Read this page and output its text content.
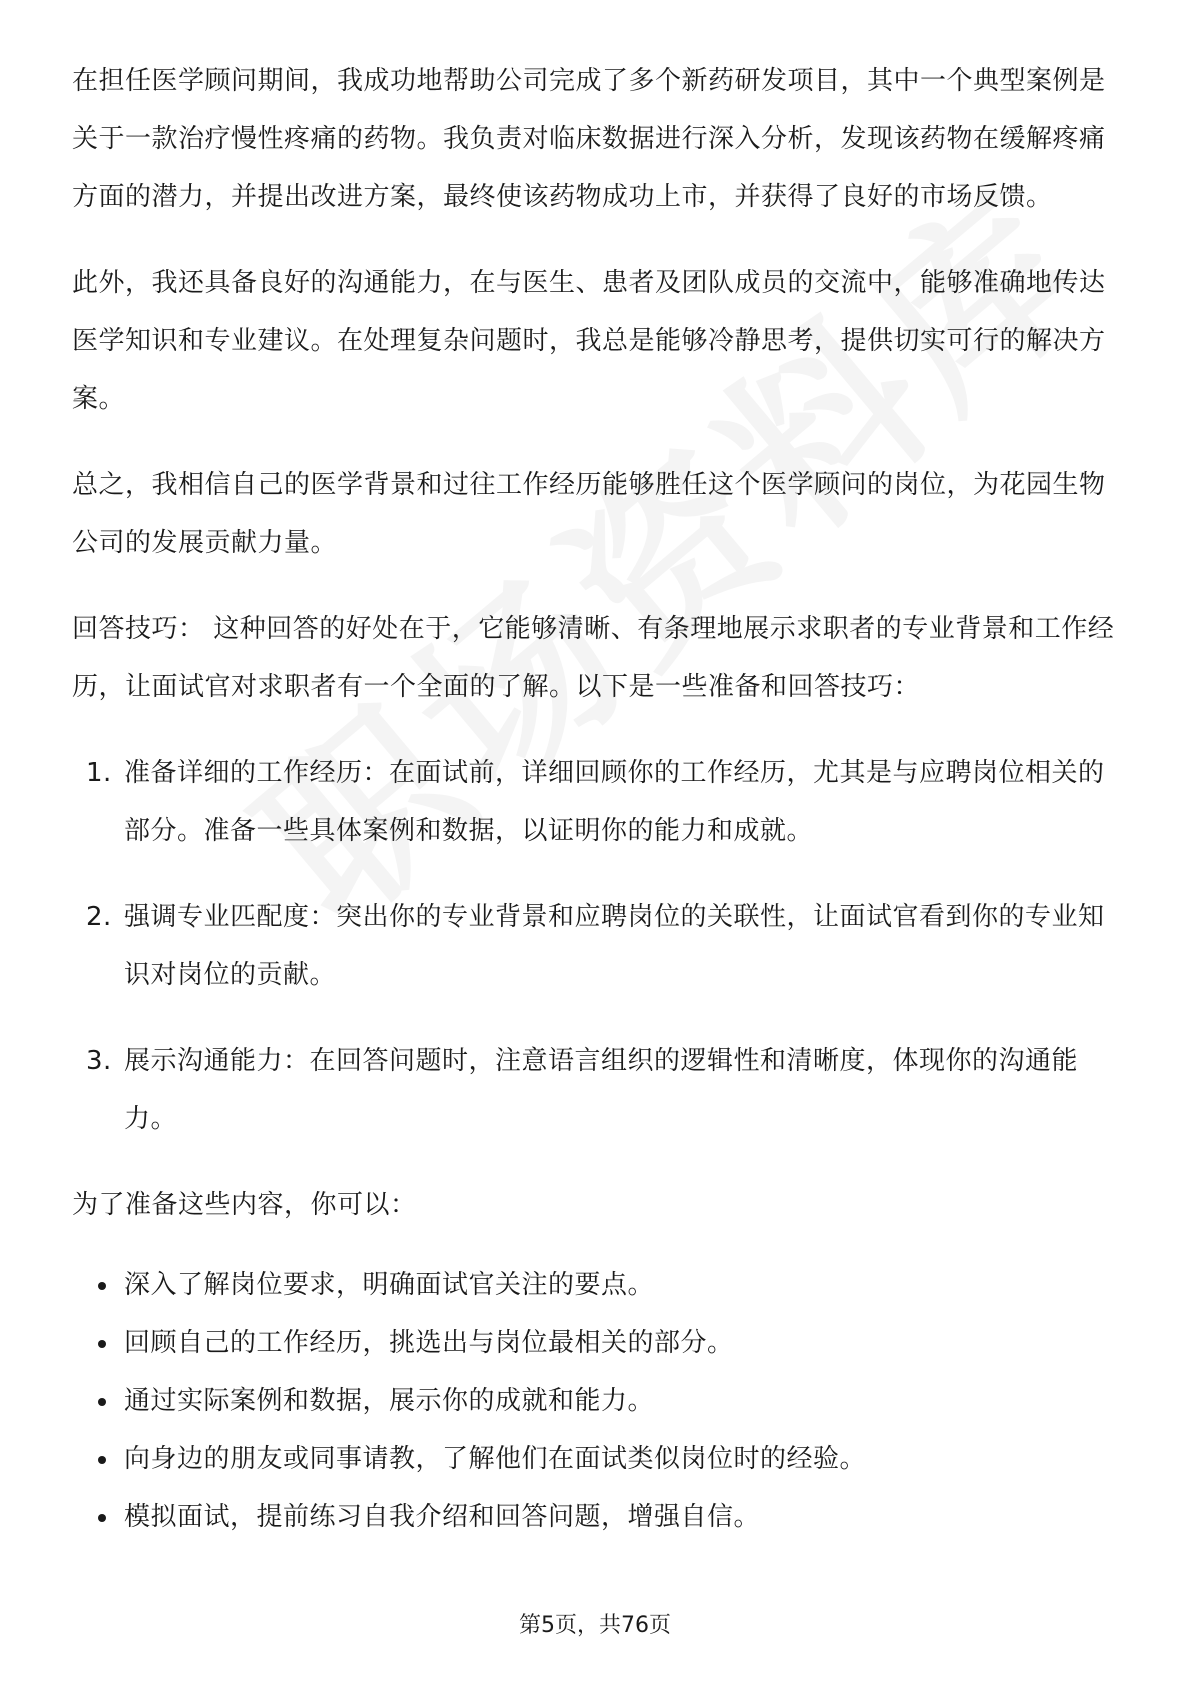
在担任医学顾问期间，我成功地帮助公司完成了多个新药研发项目，其中一个典型案例是关于一款治疗慢性疼痛的药物。我负责对临床数据进行深入分析，发现该药物在缓解疼痛方面的潜力，并提出改进方案，最终使该药物成功上市，并获得了良好的市场反馈。

此外，我还具备良好的沟通能力，在与医生、患者及团队成员的交流中，能够准确地传达医学知识和专业建议。在处理复杂问题时，我总是能够冷静思考，提供切实可行的解决方案。

总之，我相信自己的医学背景和过往工作经历能够胜任这个医学顾问的岗位，为花园生物公司的发展贡献力量。

回答技巧： 这种回答的好处在于，它能够清晰、有条理地展示求职者的专业背景和工作经历，让面试官对求职者有一个全面的了解。以下是一些准备和回答技巧：

1. 准备详细的工作经历：在面试前，详细回顾你的工作经历，尤其是与应聘岗位相关的部分。准备一些具体案例和数据，以证明你的能力和成就。
2. 强调专业匹配度：突出你的专业背景和应聘岗位的关联性，让面试官看到你的专业知识对岗位的贡献。
3. 展示沟通能力：在回答问题时，注意语言组织的逻辑性和清晰度，体现你的沟通能力。

为了准备这些内容，你可以：

深入了解岗位要求，明确面试官关注的要点。
回顾自己的工作经历，挑选出与岗位最相关的部分。
通过实际案例和数据，展示你的成就和能力。
向身边的朋友或同事请教，了解他们在面试类似岗位时的经验。
模拟面试，提前练习自我介绍和回答问题，增强自信。
第5页，共76页
